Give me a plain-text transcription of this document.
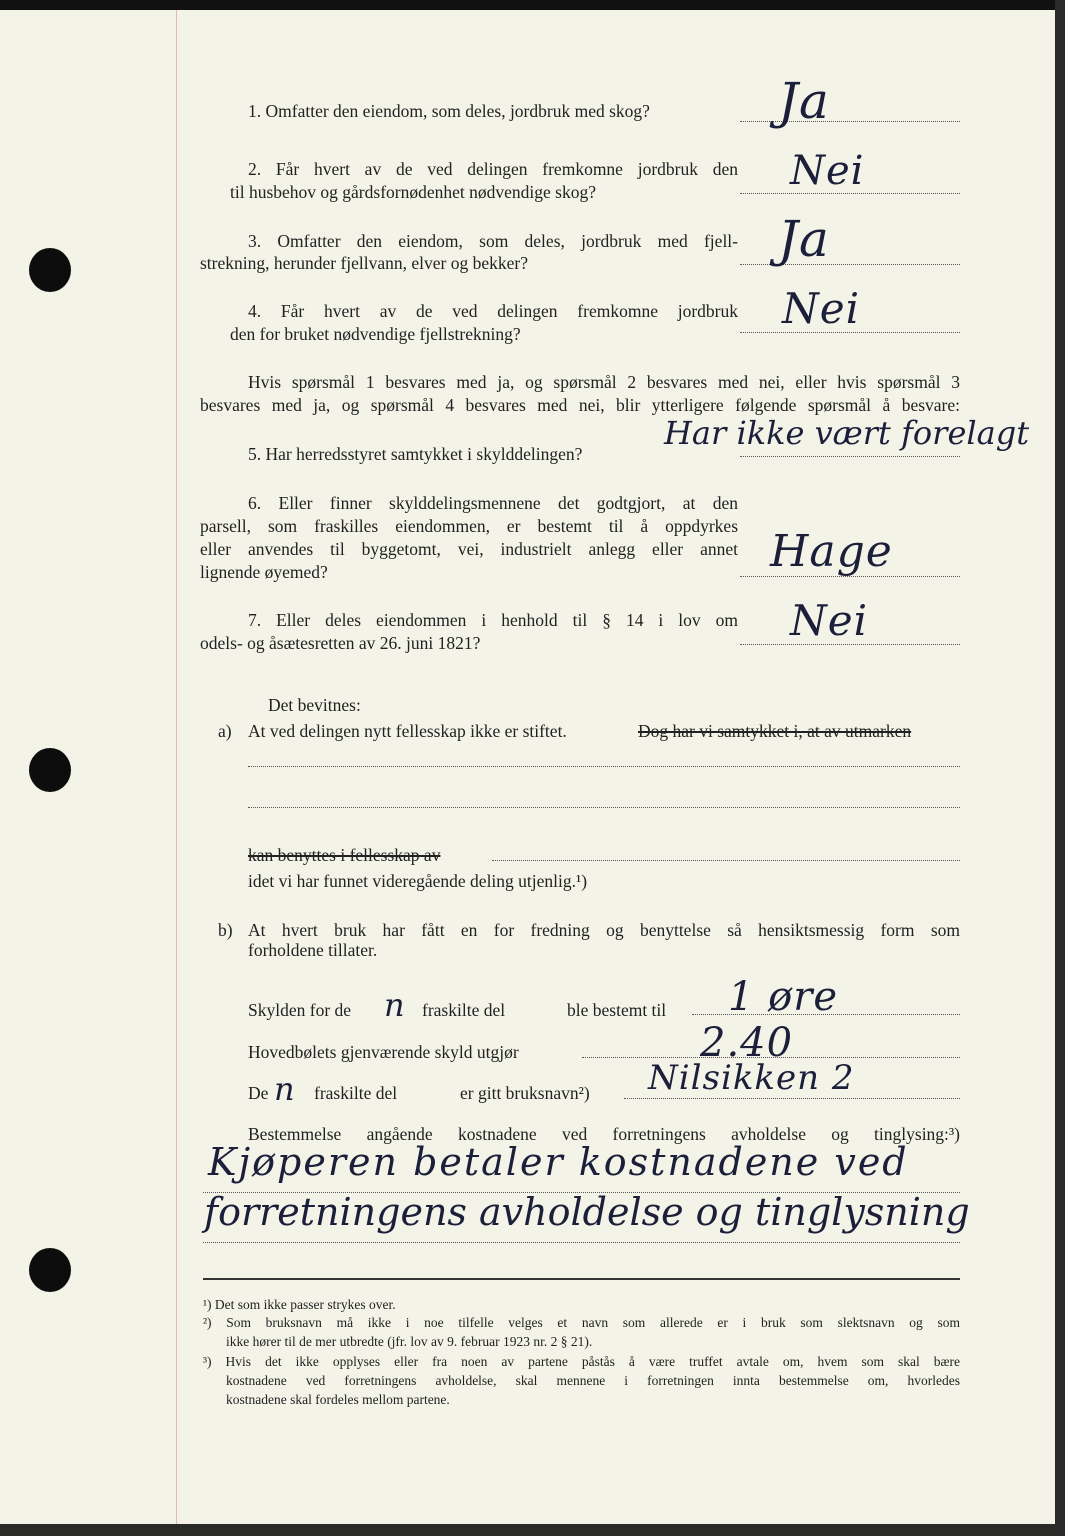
1. Omfatter den eiendom, som deles, jordbruk med skog?	Ja
2. Får hvert av de ved delingen fremkomne jordbruk den
til husbehov og gårdsfornødenhet nødvendige skog?	Nei
3. Omfatter den eiendom, som deles, jordbruk med fjell-
strekning, herunder fjellvann, elver og bekker?	Ja
4. Får hvert av de ved delingen fremkomne jordbruk
den for bruket nødvendige fjellstrekning?
Nei
Hvis spørsmål 1 besvares med ja, og spørsmål 2 besvares med nei, eller hvis spørsmål 3
besvares med ja, og spørsmål 4 besvares med nei, blir ytterligere følgende spørsmål å besvare:
5. Har herredsstyret samtykket i skylddelingen?
Har ikke vært forelagt
6. Eller finner skylddelingsmennene det godtgjort, at den
parsell, som fraskilles eiendommen, er bestemt til å oppdyrkes
eller anvendes til byggetomt, vei, industrielt anlegg eller annet
lignende øyemed?	Hage
7. Eller deles eiendommen i henhold til § 14 i lov om
odels- og åsætesretten av 26. juni 1821?	Nei
Det bevitnes:
a) At ved delingen nytt fellesskap ikke er stiftet.	Dog har vi samtykket i, at av utmarken
kan benyttes i fellesskap av
idet vi har funnet videregående deling utjenlig.¹)
b) At hvert bruk har fått en for fredning og benyttelse så hensiktsmessig form som
forholdene tillater.
Skylden for de n fraskilte del	ble bestemt til 1 øre
Hovedbølets gjenværende skyld utgjør	2.40
De n fraskilte del	er gitt bruksnavn²) Nilsikken 2
Bestemmelse angående kostnadene ved forretningens avholdelse og tinglysing:³)
Kjøperen betaler kostnadene ved
forretningens avholdelse og tinglysning
¹) Det som ikke passer strykes over.
²) Som bruksnavn må ikke i noe tilfelle velges et navn som allerede er i bruk som slektsnavn og som
ikke hører til de mer utbredte (jfr. lov av 9. februar 1923 nr. 2 § 21).
³) Hvis det ikke opplyses eller fra noen av partene påstås å være truffet avtale om, hvem som skal bære
kostnadene ved forretningens avholdelse, skal mennene i forretningen innta bestemmelse om, hvorledes
kostnadene skal fordeles mellom partene.
